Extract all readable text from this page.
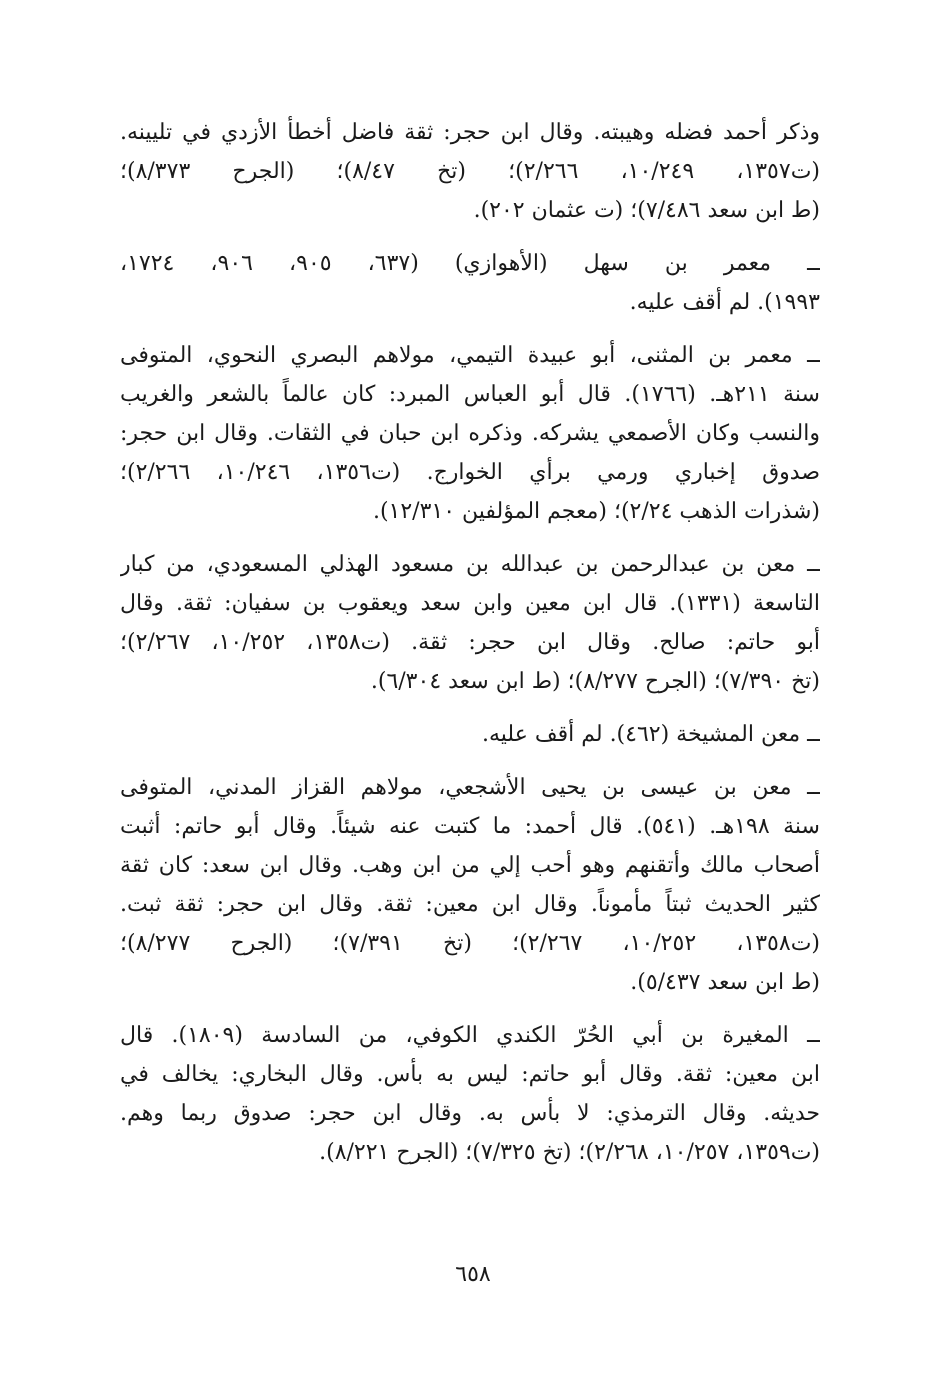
وذكر أحمد فضله وهيبته. وقال ابن حجر: ثقة فاضل أخطأ الأزدي في تليينه.
(ت١٣٥٧، ١٠/٢٤٩، ٢/٢٦٦)؛ (تخ ٨/٤٧)؛ (الجرح ٨/٣٧٣)؛
(ط ابن سعد ٧/٤٨٦)؛ (ت عثمان ٢٠٢).
ــ معمر بن سهل (الأهوازي) (٦٣٧، ٩٠٥، ٩٠٦، ١٧٢٤،
١٩٩٣). لم أقف عليه.
ــ معمر بن المثنى، أبو عبيدة التيمي، مولاهم البصري النحوي، المتوفى
سنة ٢١١هـ. (١٧٦٦). قال أبو العباس المبرد: كان عالماً بالشعر والغريب
والنسب وكان الأصمعي يشركه. وذكره ابن حبان في الثقات. وقال ابن حجر:
صدوق إخباري ورمي برأي الخوارج. (ت١٣٥٦، ١٠/٢٤٦، ٢/٢٦٦)؛
(شذرات الذهب ٢/٢٤)؛ (معجم المؤلفين ١٢/٣١٠).
ــ معن بن عبدالرحمن بن عبدالله بن مسعود الهذلي المسعودي، من كبار
التاسعة (١٣٣١). قال ابن معين وابن سعد ويعقوب بن سفيان: ثقة. وقال
أبو حاتم: صالح. وقال ابن حجر: ثقة. (ت١٣٥٨، ١٠/٢٥٢، ٢/٢٦٧)؛
(تخ ٧/٣٩٠)؛ (الجرح ٨/٢٧٧)؛ (ط ابن سعد ٦/٣٠٤).
ــ معن المشيخة (٤٦٢). لم أقف عليه.
ــ معن بن عيسى بن يحيى الأشجعي، مولاهم القزاز المدني، المتوفى
سنة ١٩٨هـ. (٥٤١). قال أحمد: ما كتبت عنه شيئاً. وقال أبو حاتم: أثبت
أصحاب مالك وأتقنهم وهو أحب إلي من ابن وهب. وقال ابن سعد: كان ثقة
كثير الحديث ثبتاً مأموناً. وقال ابن معين: ثقة. وقال ابن حجر: ثقة ثبت.
(ت١٣٥٨، ١٠/٢٥٢، ٢/٢٦٧)؛ (تخ ٧/٣٩١)؛ (الجرح ٨/٢٧٧)؛
(ط ابن سعد ٥/٤٣٧).
ــ المغيرة بن أبي الحُرّ الكندي الكوفي، من السادسة (١٨٠٩). قال
ابن معين: ثقة. وقال أبو حاتم: ليس به بأس. وقال البخاري: يخالف في
حديثه. وقال الترمذي: لا بأس به. وقال ابن حجر: صدوق ربما وهم.
(ت١٣٥٩، ١٠/٢٥٧، ٢/٢٦٨)؛ (تخ ٧/٣٢٥)؛ (الجرح ٨/٢٢١).
٦٥٨
